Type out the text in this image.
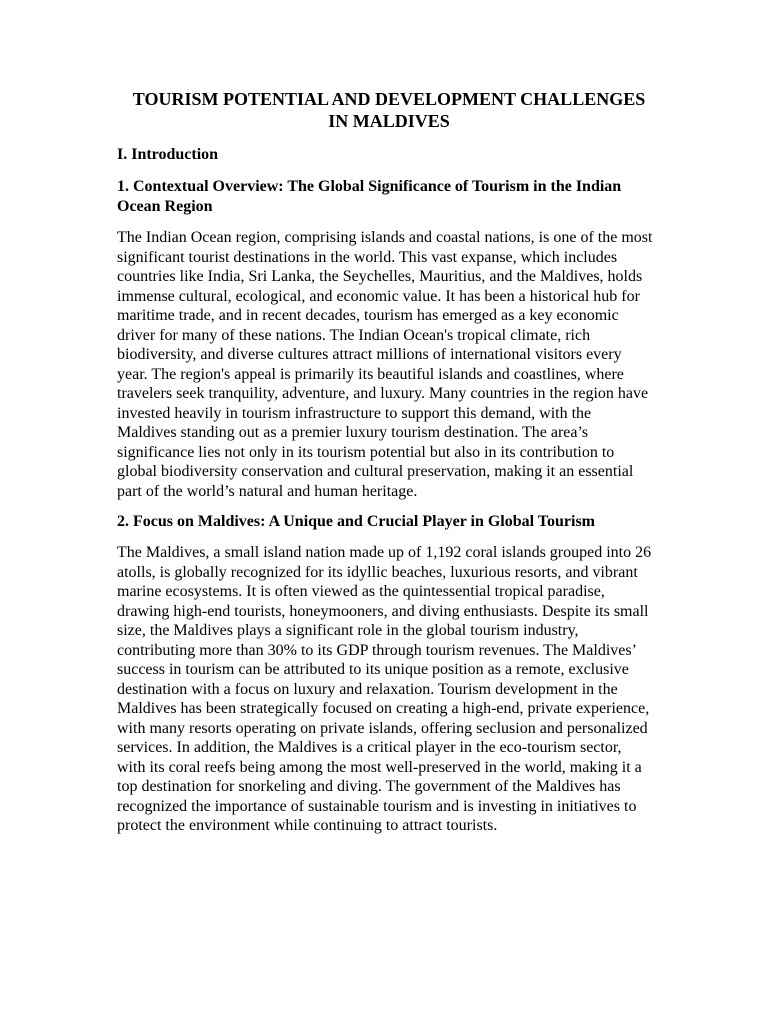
TOURISM POTENTIAL AND DEVELOPMENT CHALLENGES IN MALDIVES
I. Introduction
1. Contextual Overview: The Global Significance of Tourism in the Indian Ocean Region

The Indian Ocean region, comprising islands and coastal nations, is one of the most significant tourist destinations in the world. This vast expanse, which includes countries like India, Sri Lanka, the Seychelles, Mauritius, and the Maldives, holds immense cultural, ecological, and economic value. It has been a historical hub for maritime trade, and in recent decades, tourism has emerged as a key economic driver for many of these nations. The Indian Ocean's tropical climate, rich biodiversity, and diverse cultures attract millions of international visitors every year. The region's appeal is primarily its beautiful islands and coastlines, where travelers seek tranquility, adventure, and luxury. Many countries in the region have invested heavily in tourism infrastructure to support this demand, with the Maldives standing out as a premier luxury tourism destination. The area’s significance lies not only in its tourism potential but also in its contribution to global biodiversity conservation and cultural preservation, making it an essential part of the world’s natural and human heritage.

2. Focus on Maldives: A Unique and Crucial Player in Global Tourism

The Maldives, a small island nation made up of 1,192 coral islands grouped into 26 atolls, is globally recognized for its idyllic beaches, luxurious resorts, and vibrant marine ecosystems. It is often viewed as the quintessential tropical paradise, drawing high-end tourists, honeymooners, and diving enthusiasts. Despite its small size, the Maldives plays a significant role in the global tourism industry, contributing more than 30% to its GDP through tourism revenues. The Maldives’ success in tourism can be attributed to its unique position as a remote, exclusive destination with a focus on luxury and relaxation. Tourism development in the Maldives has been strategically focused on creating a high-end, private experience, with many resorts operating on private islands, offering seclusion and personalized services. In addition, the Maldives is a critical player in the eco-tourism sector, with its coral reefs being among the most well-preserved in the world, making it a top destination for snorkeling and diving. The government of the Maldives has recognized the importance of sustainable tourism and is investing in initiatives to protect the environment while continuing to attract tourists.
